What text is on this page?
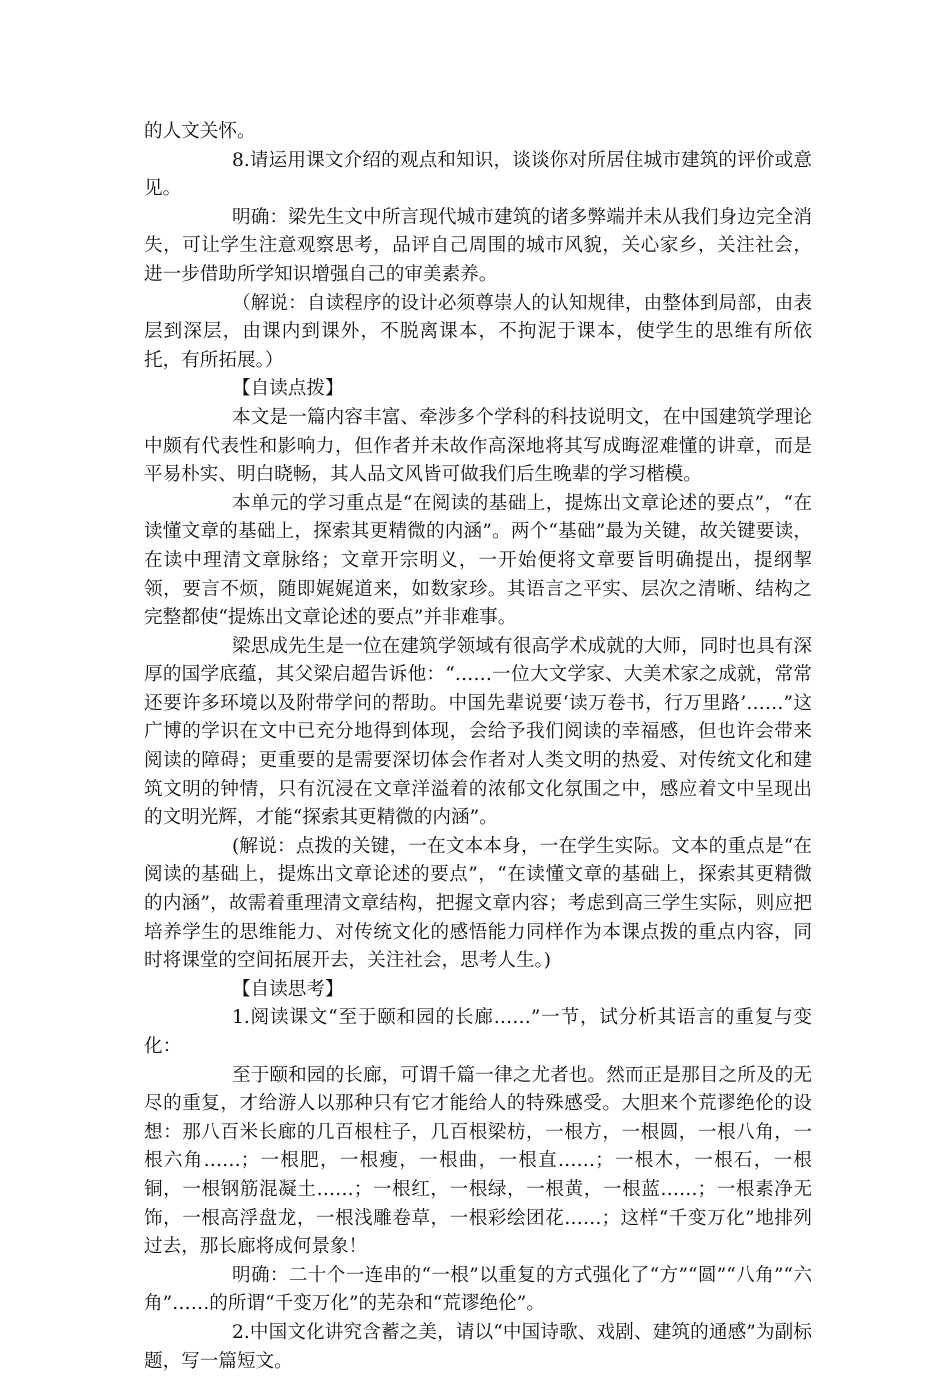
的人文关怀。

8.请运用课文介绍的观点和知识，谈谈你对所居住城市建筑的评价或意见。

明确：梁先生文中所言现代城市建筑的诸多弊端并未从我们身边完全消失，可让学生注意观察思考，品评自己周围的城市风貌，关心家乡，关注社会，进一步借助所学知识增强自己的审美素养。

（解说：自读程序的设计必须尊崇人的认知规律，由整体到局部，由表层到深层，由课内到课外，不脱离课本，不拘泥于课本，使学生的思维有所依托，有所拓展。）

【自读点拨】

本文是一篇内容丰富、牵涉多个学科的科技说明文，在中国建筑学理论中颇有代表性和影响力，但作者并未故作高深地将其写成晦涩难懂的讲章，而是平易朴实、明白晓畅，其人品文风皆可做我们后生晚辈的学习楷模。

本单元的学习重点是“在阅读的基础上，提炼出文章论述的要点”，“在读懂文章的基础上，探索其更精微的内涵”。两个“基础”最为关键，故关键要读，在读中理清文章脉络；文章开宗明义，一开始便将文章要旨明确提出，提纲挈领，要言不烦，随即娓娓道来，如数家珍。其语言之平实、层次之清晰、结构之完整都使“提炼出文章论述的要点”并非难事。

梁思成先生是一位在建筑学领域有很高学术成就的大师，同时也具有深厚的国学底蕴，其父梁启超告诉他：“……一位大文学家、大美术家之成就，常常还要许多环境以及附带学问的帮助。中国先辈说要‘读万卷书，行万里路’……”这广博的学识在文中已充分地得到体现，会给予我们阅读的幸福感，但也许会带来阅读的障碍；更重要的是需要深切体会作者对人类文明的热爱、对传统文化和建筑文明的钟情，只有沉浸在文章洋溢着的浓郁文化氛围之中，感应着文中呈现出的文明光辉，才能“探索其更精微的内涵”。

(解说：点拨的关键，一在文本本身，一在学生实际。文本的重点是“在阅读的基础上，提炼出文章论述的要点”，“在读懂文章的基础上，探索其更精微的内涵”，故需着重理清文章结构，把握文章内容；考虑到高三学生实际，则应把培养学生的思维能力、对传统文化的感悟能力同样作为本课点拨的重点内容，同时将课堂的空间拓展开去，关注社会，思考人生。)

【自读思考】

1.阅读课文“至于颐和园的长廊……”一节，试分析其语言的重复与变化：

至于颐和园的长廊，可谓千篇一律之尤者也。然而正是那目之所及的无尽的重复，才给游人以那种只有它才能给人的特殊感受。大胆来个荒谬绝伦的设想：那八百米长廊的几百根柱子，几百根梁枋，一根方，一根圆，一根八角，一根六角……；一根肥，一根瘦，一根曲，一根直……；一根木，一根石，一根铜，一根钢筋混凝土……；一根红，一根绿，一根黄，一根蓝……；一根素净无饰，一根高浮盘龙，一根浅雕卷草，一根彩绘团花……；这样“千变万化”地排列过去，那长廊将成何景象！

明确：二十个一连串的“一根”以重复的方式强化了“方”“圆”“八角”“六角”……的所谓“千变万化”的芜杂和“荒谬绝伦”。

2.中国文化讲究含蓄之美，请以“中国诗歌、戏剧、建筑的通感”为副标题，写一篇短文。
